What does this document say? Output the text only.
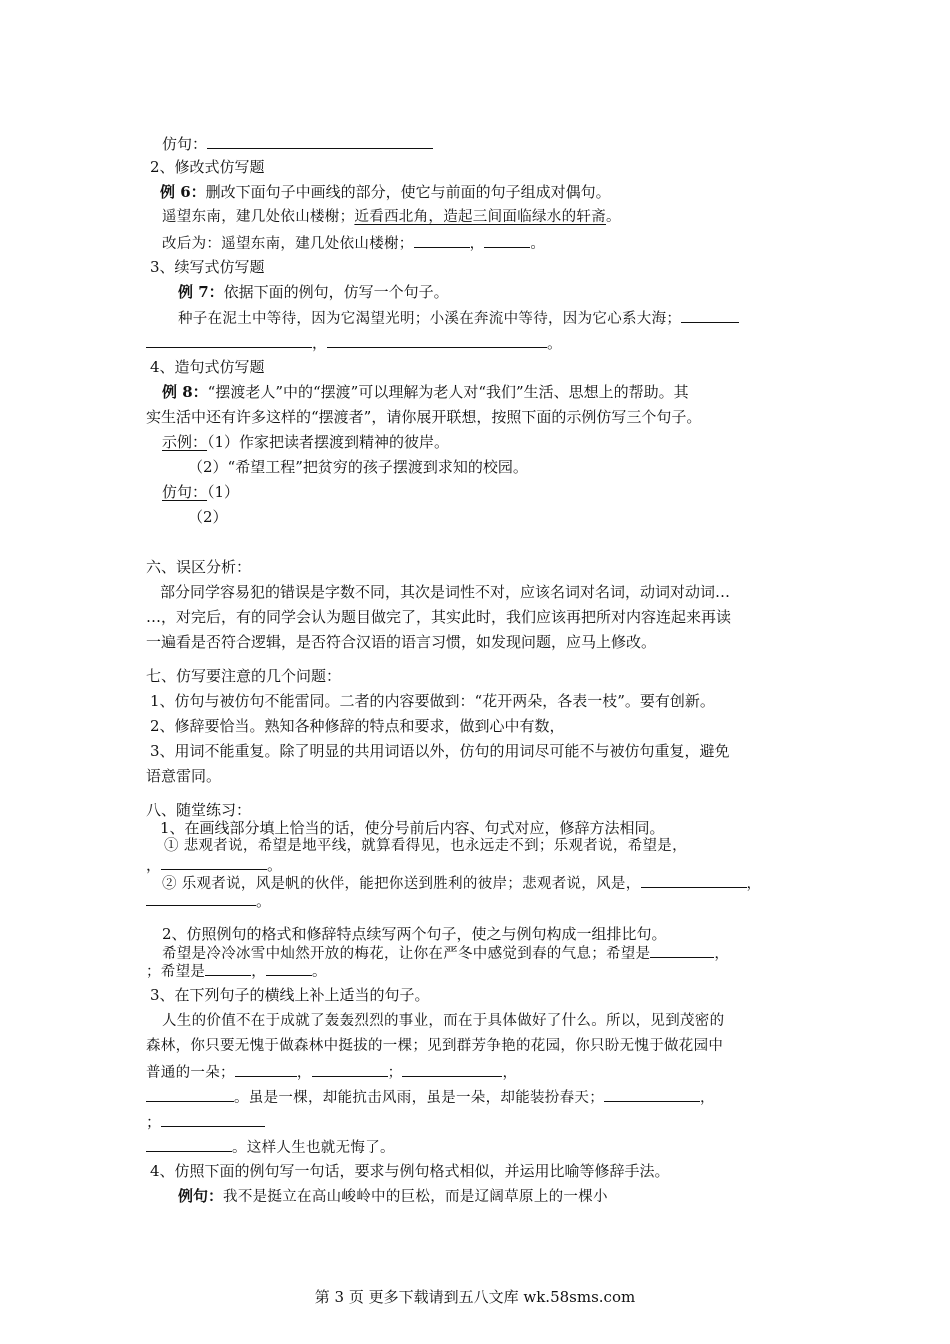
仿句：
2、修改式仿写题
例 6：删改下面句子中画线的部分，使它与前面的句子组成对偶句。
遥望东南，建几处依山楼榭；近看西北角，造起三间面临绿水的轩斋。
改后为：遥望东南，建几处依山楼榭；	，	。
3、续写式仿写题
例 7：依据下面的例句，仿写一个句子。
种子在泥土中等待，因为它渴望光明；小溪在奔流中等待，因为它心系大海；
，	。
4、造句式仿写题
例 8：“摆渡老人”中的“摆渡”可以理解为老人对“我们”生活、思想上的帮助。其
实生活中还有许多这样的“摆渡者”，请你展开联想，按照下面的示例仿写三个句子。
示例：（1）作家把读者摆渡到精神的彼岸。
（2）“希望工程”把贫穷的孩子摆渡到求知的校园。
仿句：（1）
（2）
六、误区分析：
部分同学容易犯的错误是字数不同，其次是词性不对，应该名词对名词，动词对动词…
…，对完后，有的同学会认为题目做完了，其实此时，我们应该再把所对内容连起来再读
一遍看是否符合逻辑，是否符合汉语的语言习惯，如发现问题，应马上修改。
七、仿写要注意的几个问题：
1、仿句与被仿句不能雷同。二者的内容要做到：“花开两朵，各表一枝”。要有创新。
2、修辞要恰当。熟知各种修辞的特点和要求，做到心中有数，
3、用词不能重复。除了明显的共用词语以外，仿句的用词尽可能不与被仿句重复，避免
语意雷同。
八、随堂练习：
1、在画线部分填上恰当的话，使分号前后内容、句式对应，修辞方法相同。
① 悲观者说，希望是地平线，就算看得见，也永远走不到；乐观者说，希望是，
，	。
② 乐观者说，风是帆的伙伴，能把你送到胜利的彼岸；悲观者说，风是，	，
。
2、仿照例句的格式和修辞特点续写两个句子，使之与例句构成一组排比句。
希望是冷冷冰雪中灿然开放的梅花，让你在严冬中感觉到春的气息；希望是	，
；希望是	，	。
3、在下列句子的横线上补上适当的句子。
人生的价值不在于成就了轰轰烈烈的事业，而在于具体做好了什么。所以，见到茂密的
森林，你只要无愧于做森林中挺拔的一棵；见到群芳争艳的花园，你只盼无愧于做花园中
普通的一朵；	，	；	，
。虽是一棵，却能抗击风雨，虽是一朵，却能装扮春天；	，
；
。这样人生也就无悔了。
4、仿照下面的例句写一句话，要求与例句格式相似，并运用比喻等修辞手法。
例句：我不是挺立在高山峻岭中的巨松，而是辽阔草原上的一棵小
第 3 页 更多下载请到五八文库 wk.58sms.com
